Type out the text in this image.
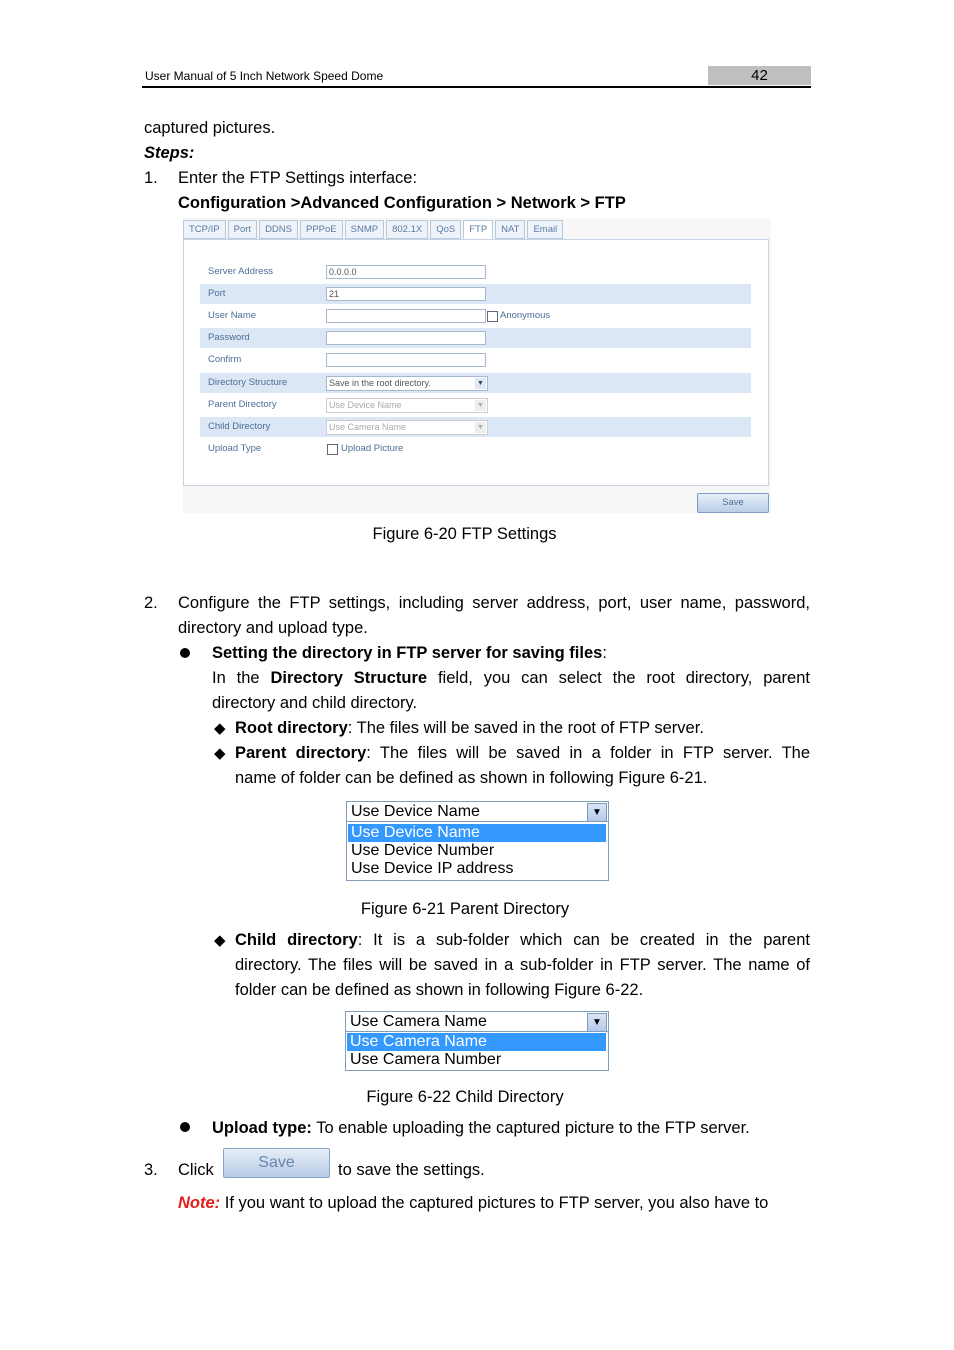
User Manual of 5 Inch Network Speed Dome	42
captured pictures.
Steps:
1. Enter the FTP Settings interface:
Configuration >Advanced Configuration > Network > FTP
TCP/IP	Port	DDNS	PPPoE	SNMP	802.1X	QoS	FTP	NAT	Email
Server Address	0.0.0.0
Port	21
User Name	Anonymous
Password
Confirm
Directory Structure	Save in the root directory.	▼
Parent Directory	Use Device Name	▼
Child Directory	Use Camera Name	▼
Upload Type	Upload Picture
Save
Figure 6-20 FTP Settings
2. Configure the FTP settings, including server address, port, user name, password,
directory and upload type.
Setting the directory in FTP server for saving files:
In the Directory Structure field, you can select the root directory, parent
directory and child directory.
◆ Root directory: The files will be saved in the root of FTP server.
◆ Parent directory: The files will be saved in a folder in FTP server. The
name of folder can be defined as shown in following Figure 6-21.
Use Device Name	▼
Use Device Name
Use Device Number
Use Device IP address
Figure 6-21 Parent Directory
◆ Child directory: It is a sub-folder which can be created in the parent
directory. The files will be saved in a sub-folder in FTP server. The name of
folder can be defined as shown in following Figure 6-22.
Use Camera Name	▼
Use Camera Name
Use Camera Number
Figure 6-22 Child Directory
Upload type: To enable uploading the captured picture to the FTP server.
3. Click	Save	to save the settings.
Note: If you want to upload the captured pictures to FTP server, you also have to
